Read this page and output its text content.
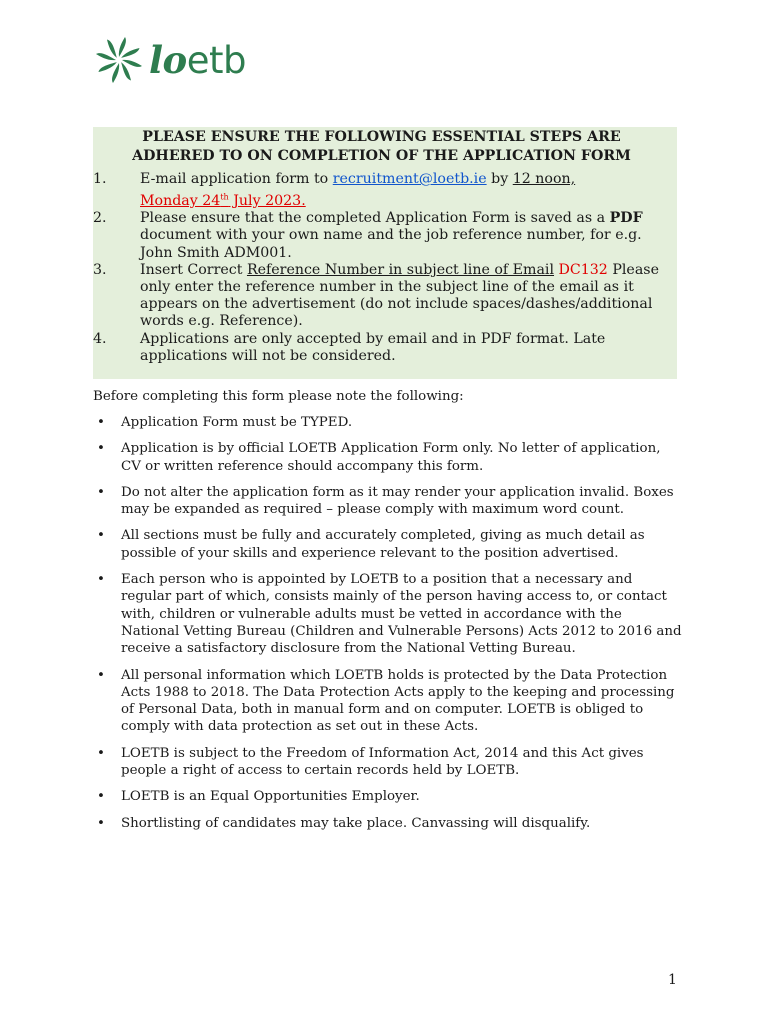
loetb
PLEASE ENSURE THE FOLLOWING ESSENTIAL STEPS ARE
ADHERED TO ON COMPLETION OF THE APPLICATION FORM
1. E-mail application form to recruitment@loetb.ie by 12 noon,
Monday 24th July 2023.
2. Please ensure that the completed Application Form is saved as a PDF document with your own name and the job reference number, for e.g. John Smith ADM001.
3. Insert Correct Reference Number in subject line of Email DC132 Please only enter the reference number in the subject line of the email as it appears on the advertisement (do not include spaces/dashes/additional words e.g. Reference).
4. Applications are only accepted by email and in PDF format. Late applications will not be considered.
Before completing this form please note the following:
• Application Form must be TYPED.
• Application is by official LOETB Application Form only. No letter of application, CV or written reference should accompany this form.
• Do not alter the application form as it may render your application invalid. Boxes may be expanded as required – please comply with maximum word count.
• All sections must be fully and accurately completed, giving as much detail as possible of your skills and experience relevant to the position advertised.
• Each person who is appointed by LOETB to a position that a necessary and regular part of which, consists mainly of the person having access to, or contact with, children or vulnerable adults must be vetted in accordance with the National Vetting Bureau (Children and Vulnerable Persons) Acts 2012 to 2016 and receive a satisfactory disclosure from the National Vetting Bureau.
• All personal information which LOETB holds is protected by the Data Protection Acts 1988 to 2018. The Data Protection Acts apply to the keeping and processing of Personal Data, both in manual form and on computer. LOETB is obliged to comply with data protection as set out in these Acts.
• LOETB is subject to the Freedom of Information Act, 2014 and this Act gives people a right of access to certain records held by LOETB.
• LOETB is an Equal Opportunities Employer.
• Shortlisting of candidates may take place. Canvassing will disqualify.
1
